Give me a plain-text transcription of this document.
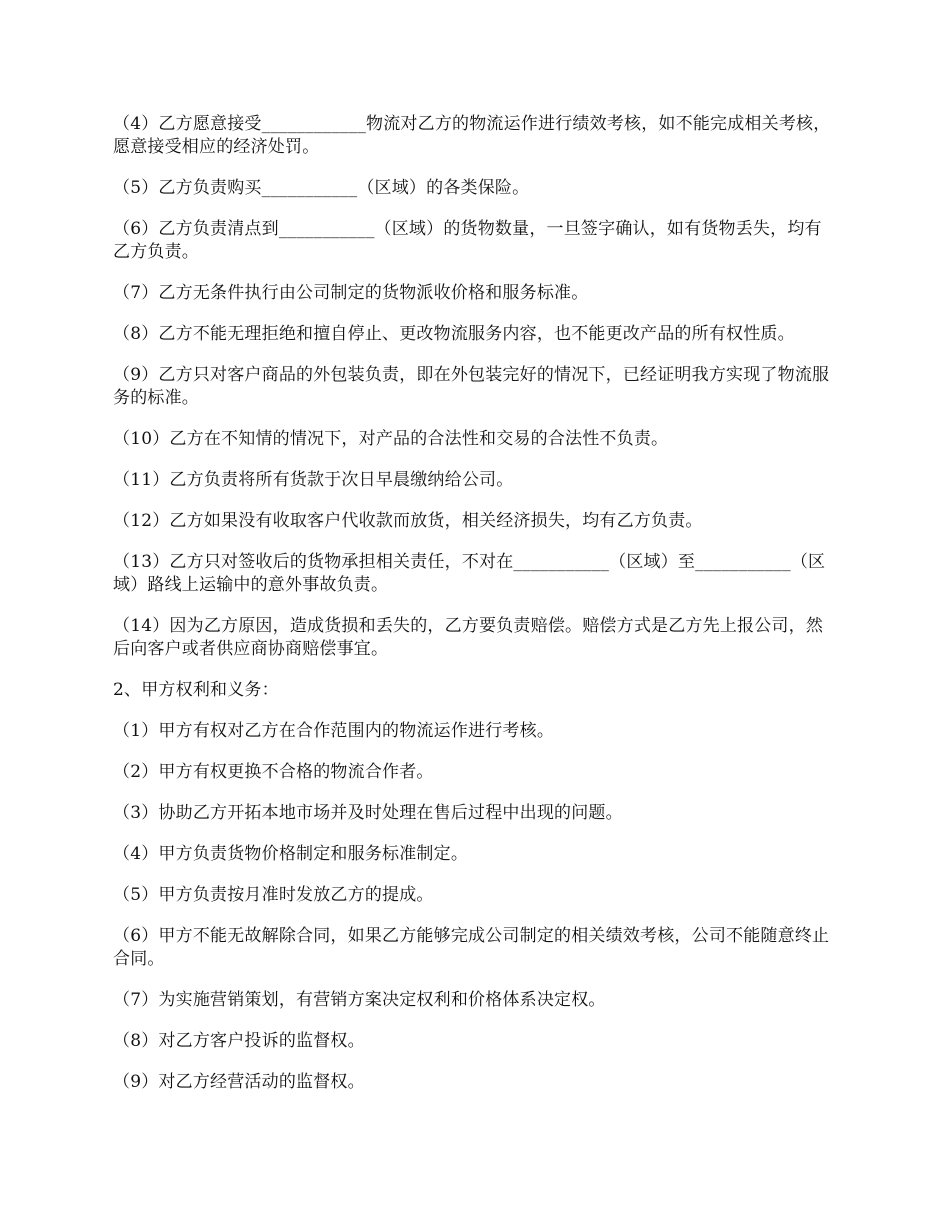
（4）乙方愿意接受____________物流对乙方的物流运作进行绩效考核，如不能完成相关考核，愿意接受相应的经济处罚。

（5）乙方负责购买___________（区域）的各类保险。

（6）乙方负责清点到___________（区域）的货物数量，一旦签字确认，如有货物丢失，均有乙方负责。

（7）乙方无条件执行由公司制定的货物派收价格和服务标准。

（8）乙方不能无理拒绝和擅自停止、更改物流服务内容，也不能更改产品的所有权性质。

（9）乙方只对客户商品的外包装负责，即在外包装完好的情况下，已经证明我方实现了物流服务的标准。

（10）乙方在不知情的情况下，对产品的合法性和交易的合法性不负责。

（11）乙方负责将所有货款于次日早晨缴纳给公司。

（12）乙方如果没有收取客户代收款而放货，相关经济损失，均有乙方负责。

（13）乙方只对签收后的货物承担相关责任，不对在___________（区域）至___________（区域）路线上运输中的意外事故负责。

（14）因为乙方原因，造成货损和丢失的，乙方要负责赔偿。赔偿方式是乙方先上报公司，然后向客户或者供应商协商赔偿事宜。

2、甲方权利和义务：

（1）甲方有权对乙方在合作范围内的物流运作进行考核。

（2）甲方有权更换不合格的物流合作者。

（3）协助乙方开拓本地市场并及时处理在售后过程中出现的问题。

（4）甲方负责货物价格制定和服务标准制定。

（5）甲方负责按月准时发放乙方的提成。

（6）甲方不能无故解除合同，如果乙方能够完成公司制定的相关绩效考核，公司不能随意终止合同。

（7）为实施营销策划，有营销方案决定权利和价格体系决定权。

（8）对乙方客户投诉的监督权。

（9）对乙方经营活动的监督权。
